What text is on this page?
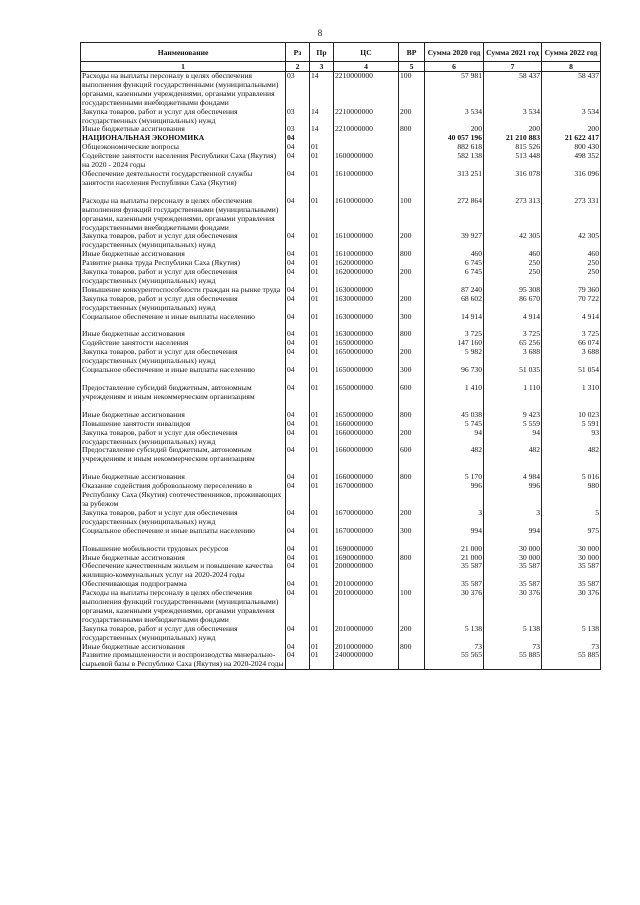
8
Наименование	Рз	Пр	ЦС	ВР	Сумма 2020 год	Сумма 2021 год	Сумма 2022 год
1	2	3	4	5	6	7	8
Расходы на выплаты персоналу в целях обеспечения выполнения функций государственными (муниципальными) органами, казенными учреждениями, органами управления государственными внебюджетными фондами	03	14	2210000000	100	57 981	58 437	58 437
Закупка товаров, работ и услуг для обеспечения государственных (муниципальных) нужд	03	14	2210000000	200	3 534	3 534	3 534
Иные бюджетные ассигнования	03	14	2210000000	800	200	200	200
НАЦИОНАЛЬНАЯ ЭКОНОМИКА	04				40 057 196	21 210 883	21 622 417
Общеэкономические вопросы	04	01			882 618	815 526	800 430
Содействие занятости населения Республики Саха (Якутия) на 2020 - 2024 годы	04	01	1600000000		582 138	513 448	498 352
Обеспечение деятельности государственной службы занятости населения Республики Саха (Якутия)	04	01	1610000000		313 251	316 078	316 096

Расходы на выплаты персоналу в целях обеспечения выполнения функций государственными (муниципальными) органами, казенными учреждениями, органами управления государственными внебюджетными фондами	04	01	1610000000	100	272 864	273 313	273 331
Закупка товаров, работ и услуг для обеспечения государственных (муниципальных) нужд	04	01	1610000000	200	39 927	42 305	42 305
Иные бюджетные ассигнования	04	01	1610000000	800	460	460	460
Развитие рынка труда Республики Саха (Якутия)	04	01	1620000000		6 745	250	250
Закупка товаров, работ и услуг для обеспечения государственных (муниципальных) нужд	04	01	1620000000	200	6 745	250	250
Повышение конкурентоспособности граждан на рынке труда	04	01	1630000000		87 240	95 308	79 360
Закупка товаров, работ и услуг для обеспечения государственных (муниципальных) нужд	04	01	1630000000	200	68 602	86 670	70 722
Социальное обеспечение и иные выплаты населению	04	01	1630000000	300	14 914	4 914	4 914

Иные бюджетные ассигнования	04	01	1630000000	800	3 725	3 725	3 725
Содействие занятости населения	04	01	1650000000		147 160	65 256	66 074
Закупка товаров, работ и услуг для обеспечения государственных (муниципальных) нужд	04	01	1650000000	200	5 982	3 688	3 688
Социальное обеспечение и иные выплаты населению	04	01	1650000000	300	96 730	51 035	51 054

Предоставление субсидий бюджетным, автономным учреждениям и иным некоммерческим организациям	04	01	1650000000	600	1 410	1 110	1 310

Иные бюджетные ассигнования	04	01	1650000000	800	45 038	9 423	10 023
Повышение занятости инвалидов	04	01	1660000000		5 745	5 559	5 591
Закупка товаров, работ и услуг для обеспечения государственных (муниципальных) нужд	04	01	1660000000	200	94	94	93
Предоставление субсидий бюджетным, автономным учреждениям и иным некоммерческим организациям	04	01	1660000000	600	482	482	482

Иные бюджетные ассигнования	04	01	1660000000	800	5 170	4 984	5 016
Оказание содействия добровольному переселению в Республику Саха (Якутия) соотечественников, проживающих за рубежом	04	01	1670000000		996	996	980
Закупка товаров, работ и услуг для обеспечения государственных (муниципальных) нужд	04	01	1670000000	200	3	3	5
Социальное обеспечение и иные выплаты населению	04	01	1670000000	300	994	994	975

Повышение мобильности трудовых ресурсов	04	01	1690000000		21 000	30 000	30 000
Иные бюджетные ассигнования	04	01	1690000000	800	21 000	30 000	30 000
Обеспечение качественным жильем и повышение качества жилищно-коммунальных услуг на 2020-2024 годы	04	01	2000000000		35 587	35 587	35 587
Обеспечивающая подпрограмма	04	01	2010000000		35 587	35 587	35 587
Расходы на выплаты персоналу в целях обеспечения выполнения функций государственными (муниципальными) органами, казенными учреждениями, органами управления государственными внебюджетными фондами	04	01	2010000000	100	30 376	30 376	30 376
Закупка товаров, работ и услуг для обеспечения государственных (муниципальных) нужд	04	01	2010000000	200	5 138	5 138	5 138
Иные бюджетные ассигнования	04	01	2010000000	800	73	73	73
Развитие промышленности и воспроизводства минерально-сырьевой базы в Республике Саха (Якутия) на 2020-2024 годы	04	01	2400000000		55 565	55 885	55 885
